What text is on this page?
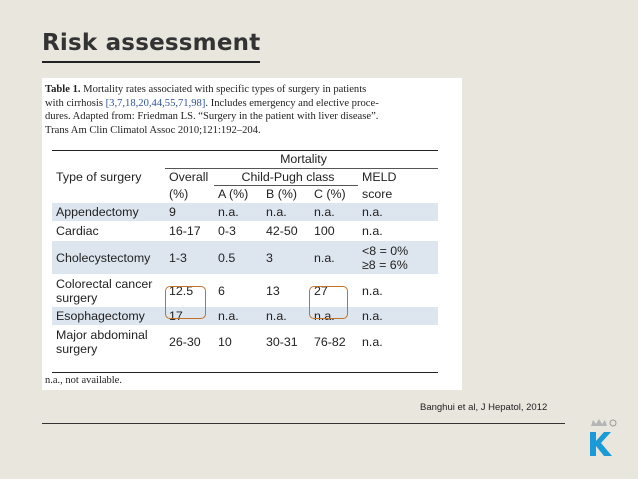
Risk assessment
Table 1. Mortality rates associated with specific types of surgery in patients
with cirrhosis [3,7,18,20,44,55,71,98]. Includes emergency and elective proce-
dures. Adapted from: Friedman LS. “Surgery in the patient with liver disease”.
Trans Am Clin Climatol Assoc 2010;121:192–204.
Type of surgery	Mortality				
	Overall	Child-Pugh class			MELD
	(%)	A (%)	B (%)	C (%)	score
Appendectomy	9	n.a.	n.a.	n.a.	n.a.
Cardiac	16-17	0-3	42-50	100	n.a.
Cholecystectomy	1-3	0.5	3	n.a.	<8 = 0%
≥8 = 6%

Colorectal cancer
surgery	12.5	6	13	27	n.a.
Esophagectomy	17	n.a.	n.a.	n.a.	n.a.

Major abdominal
surgery	26-30	10	30-31	76-82	n.a.
n.a., not available.
Banghui et al, J Hepatol, 2012
